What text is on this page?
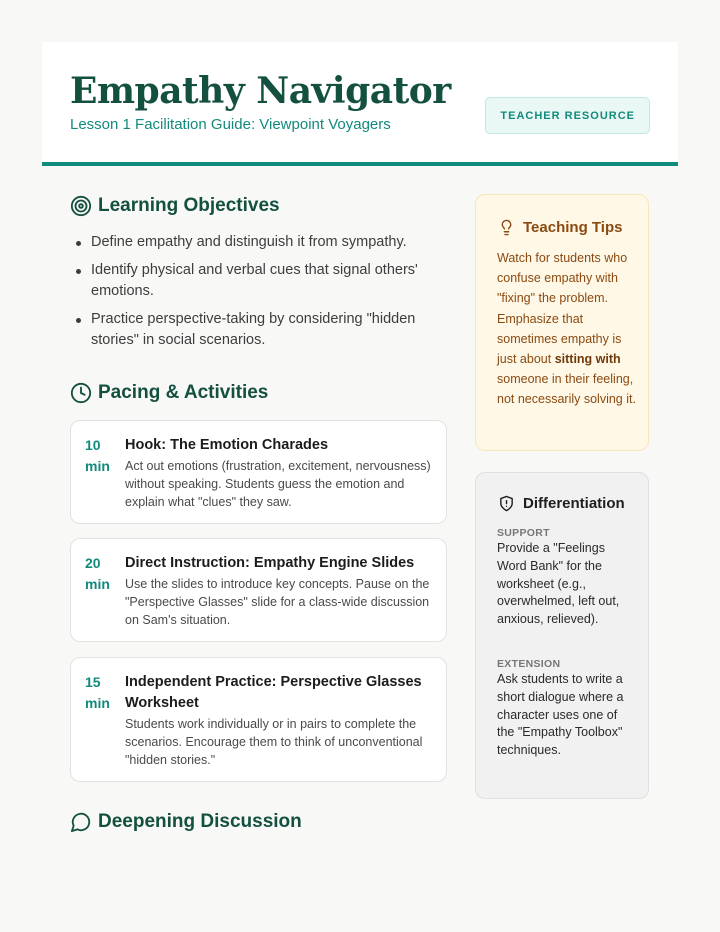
Empathy Navigator
Lesson 1 Facilitation Guide: Viewpoint Voyagers	TEACHER RESOURCE
Learning Objectives
Define empathy and distinguish it from sympathy.
Identify physical and verbal cues that signal others' emotions.
Practice perspective-taking by considering "hidden stories" in social scenarios.
Pacing & Activities
10
min
Hook: The Emotion Charades
Act out emotions (frustration, excitement, nervousness) without speaking. Students guess the emotion and explain what "clues" they saw.
20
min
Direct Instruction: Empathy Engine Slides
Use the slides to introduce key concepts. Pause on the "Perspective Glasses" slide for a class-wide discussion on Sam's situation.
15
min
Independent Practice: Perspective Glasses Worksheet
Students work individually or in pairs to complete the scenarios. Encourage them to think of unconventional "hidden stories."
Deepening Discussion
Teaching Tips
Watch for students who confuse empathy with "fixing" the problem. Emphasize that sometimes empathy is just about sitting with someone in their feeling, not necessarily solving it.
Differentiation
SUPPORT
Provide a "Feelings Word Bank" for the worksheet (e.g., overwhelmed, left out, anxious, relieved).
EXTENSION
Ask students to write a short dialogue where a character uses one of the "Empathy Toolbox" techniques.
